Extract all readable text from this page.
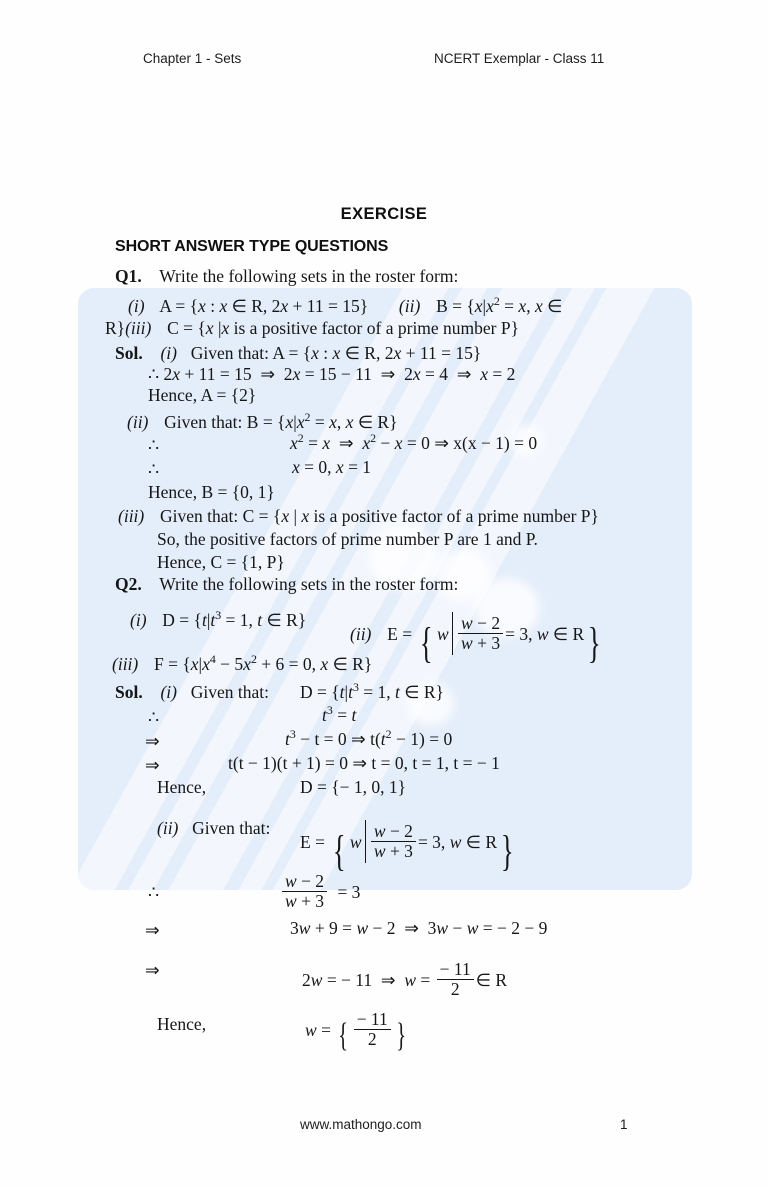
Chapter 1 - Sets	NCERT Exemplar - Class 11
EXERCISE
SHORT ANSWER TYPE QUESTIONS
Q1. Write the following sets in the roster form:
(i) A = {x : x ∈ R, 2x + 11 = 15} (ii) $B = \{x|x^2 = x$, x ∈
R}(iii) C = {x |x is a positive factor of a prime number P}
Sol. (i) Given that: A = {x : x ∈ R, 2x + 11 = 15}
∴ 2x + 11 = 15  ⇒  2x = 15 − 11  ⇒  2x = 4  ⇒  x = 2
Hence, A = {2}
(ii) Given that: $B = \{x|x^2 = x$, x ∈ R}
∴	$x^2 = x$  ⇒  $x^2 - x = 0$ ⇒ x(x − 1) = 0
∴	x = 0, x = 1
Hence, B = {0, 1}
(iii) Given that: C = {x | x is a positive factor of a prime number P}
So, the positive factors of prime number P are 1 and P.
Hence, C = {1, P}
Q2. Write the following sets in the roster form:
(i) $D = \{t|t^3 = 1$, t ∈ R}
(ii) E = { w $\frac{w - 2}{w + 3} = 3$, w ∈ R}
(iii) $F = \{x|x^4 - 5x^2 + 6 = 0$, x ∈ R}
Sol. (i) Given that: $D = \{t|t^3 = 1$, t ∈ R}
∴	$t^3 = t$
⇒	$t^3 - t = 0$ ⇒ $t(t^2 - 1) = 0$
⇒	t(t − 1)(t + 1) = 0 ⇒ t = 0, t = 1, t = − 1
Hence,	D = {− 1, 0, 1}
(ii) Given that:
E = { w $\frac{w - 2}{w + 3} = 3$, w ∈ R}
∴	$\frac{w - 2}{w + 3} = 3$
⇒	3w + 9 = w − 2  ⇒  3w − w = − 2 − 9
⇒	2w = − 11  ⇒  $w = \frac{- 11}{2}$ ∈ R
Hence,	w = { $\frac{- 11}{2}$ }
www.mathongo.com	1
